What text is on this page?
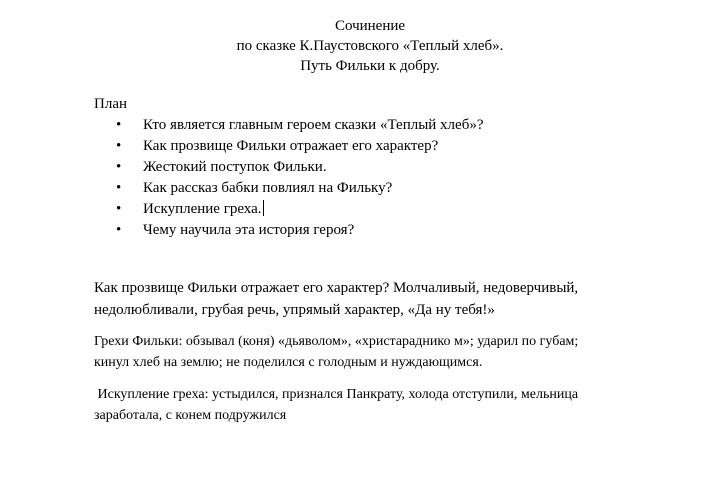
Сочинение
по сказке К.Паустовского «Теплый хлеб».
Путь Фильки к добру.
План
• Кто является главным героем сказки «Теплый хлеб»?
• Как прозвище Фильки отражает его характер?
• Жестокий поступок Фильки.
• Как рассказ бабки повлиял на Фильку?
• Искупление греха.
• Чему научила эта история героя?
Как прозвище Фильки отражает его характер? Молчаливый, недоверчивый,
недолюбливали, грубая речь, упрямый характер, «Да ну тебя!»
Грехи Фильки: обзывал (коня) «дьяволом», «христараднико м»; ударил по губам;
кинул хлеб на землю; не поделился с голодным и нуждающимся.
Искупление греха: устыдился, признался Панкрату, холода отступили, мельница
заработала, с конем подружился
